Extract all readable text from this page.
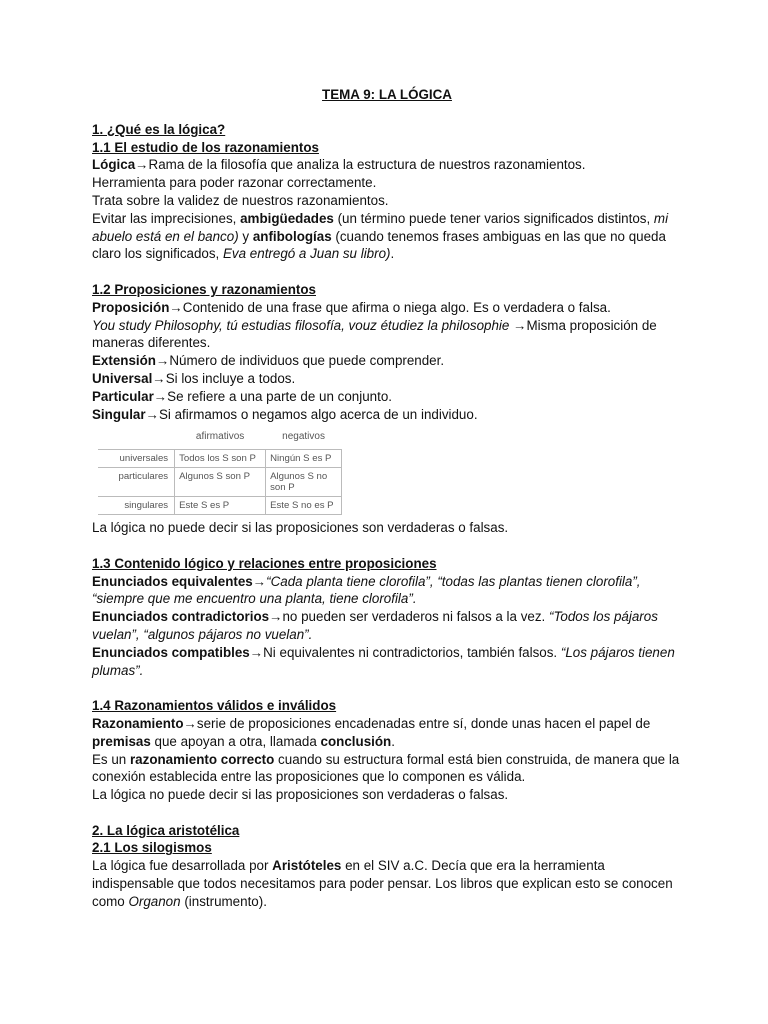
TEMA 9: LA LÓGICA
1. ¿Qué es la lógica?
1.1 El estudio de los razonamientos
Lógica→Rama de la filosofía que analiza la estructura de nuestros razonamientos.
Herramienta para poder razonar correctamente.
Trata sobre la validez de nuestros razonamientos.
Evitar las imprecisiones, ambigüedades (un término puede tener varios significados distintos, mi abuelo está en el banco) y anfibologías (cuando tenemos frases ambiguas en las que no queda claro los significados, Eva entregó a Juan su libro).
1.2 Proposiciones y razonamientos
Proposición→Contenido de una frase que afirma o niega algo. Es o verdadera o falsa.
You study Philosophy, tú estudias filosofía, vouz étudiez la philosophie →Misma proposición de maneras diferentes.
Extensión→Número de individuos que puede comprender.
Universal→Si los incluye a todos.
Particular→Se refiere a una parte de un conjunto.
Singular→Si afirmamos o negamos algo acerca de un individuo.
	afirmativos	negativos
universales	Todos los S son P	Ningún S es P
particulares	Algunos S son P	Algunos S no son P
singulares	Este S es P	Este S no es P
La lógica no puede decir si las proposiciones son verdaderas o falsas.
1.3 Contenido lógico y relaciones entre proposiciones
Enunciados equivalentes→“Cada planta tiene clorofila”, “todas las plantas tienen clorofila”, “siempre que me encuentro una planta, tiene clorofila”.
Enunciados contradictorios→no pueden ser verdaderos ni falsos a la vez. “Todos los pájaros vuelan”, “algunos pájaros no vuelan”.
Enunciados compatibles→Ni equivalentes ni contradictorios, también falsos. “Los pájaros tienen plumas”.
1.4 Razonamientos válidos e inválidos
Razonamiento→serie de proposiciones encadenadas entre sí, donde unas hacen el papel de premisas que apoyan a otra, llamada conclusión.
Es un razonamiento correcto cuando su estructura formal está bien construida, de manera que la conexión establecida entre las proposiciones que lo componen es válida.
La lógica no puede decir si las proposiciones son verdaderas o falsas.
2. La lógica aristotélica
2.1 Los silogismos
La lógica fue desarrollada por Aristóteles en el SIV a.C. Decía que era la herramienta indispensable que todos necesitamos para poder pensar. Los libros que explican esto se conocen como Organon (instrumento).
